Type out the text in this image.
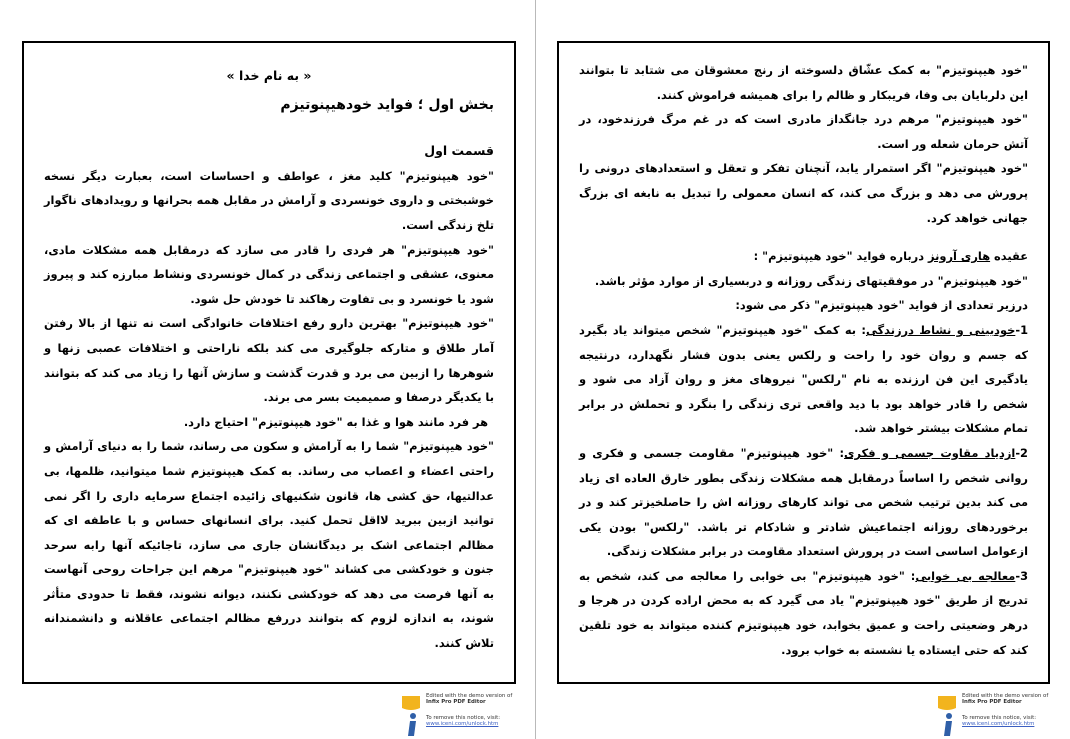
« به نام خدا »

بخش اول ؛ فواید خودهیپنوتیزم

قسمت اول

"خود هیپنوتیزم" کلید مغز ، عواطف و احساسات است، بعبارت دیگر نسخه خوشبختی و داروی خونسردی و آرامش در مقابل همه بحرانها و رویدادهای ناگوار تلخ زندگی است.

"خود هیپنوتیزم" هر فردی را قادر می سازد که درمقابل همه مشکلات مادی، معنوی، عشقی و اجتماعی زندگی در کمال خونسردی ونشاط مبارزه کند و پیروز شود یا خونسرد و بی تفاوت رهاکند تا خودش حل شود.

"خود هیپنوتیزم" بهترین دارو رفع اختلافات خانوادگی است نه تنها از بالا رفتن آمار طلاق و متارکه جلوگیری می کند بلکه ناراحتی و اختلافات عصبی زنها و شوهرها را ازبین می برد و قدرت گذشت و سازش آنها را زیاد می کند که بتوانند با یکدیگر درصفا و صمیمیت بسر می برند.

هر فرد مانند هوا و غذا به "خود هیپنوتیزم" احتیاج دارد.

"خود هیپنوتیزم" شما را به آرامش و سکون می رساند، شما را به دنیای آرامش و راحتی اعضاء و اعصاب می رساند. به کمک هیپنوتیزم شما میتوانید، ظلمها، بی عدالتیها، حق کشی ها، قانون شکنیهای زائیده اجتماع سرمایه داری را اگر نمی توانید ازبین ببرید لااقل تحمل کنید. برای انسانهای حساس و با عاطفه ای که مظالم اجتماعی اشک بر دیدگانشان جاری می سازد، تاجائیکه آنها رابه سرحد جنون و خودکشی می کشاند "خود هیپنوتیزم" مرهم این جراحات روحی آنهاست به آنها فرصت می دهد که خودکشی نکنند، دیوانه نشوند، فقط تا حدودی متأثر شوند، به اندازه لزوم که بتوانند دررفع مظالم اجتماعی عاقلانه و دانشمندانه تلاش کنند.

Edited with the demo version of
Infix Pro PDF Editor
To remove this notice, visit:
www.iceni.com/unlock.htm

"خود هیپنوتیزم" به کمک عشّاق دلسوخته از رنج معشوقان می شتابد تا بتوانند این دلربایان بی وفا، فریبکار و ظالم را برای همیشه فراموش کنند.

"خود هیپنوتیزم" مرهم درد جانگداز مادری است که در غم مرگ فرزندخود، در آتش حرمان شعله ور است.

"خود هیپنوتیزم" اگر استمرار یابد، آنچنان تفکر و تعقل و استعدادهای درونی را پرورش می دهد و بزرگ می کند، که انسان معمولی را تبدیل به نابغه ای بزرگ جهانی خواهد کرد.

عقیده هاری آرونز درباره فواید "خود هیپنوتیزم" :

"خود هیپنوتیزم" در موفقیتهای زندگی روزانه و دربسیاری از موارد مؤثر باشد.

درزیر تعدادی از فواید "خود هیپنوتیزم" ذکر می شود:

1-خودبینی و نشاط درزندگی: به کمک "خود هیپنوتیزم" شخص میتواند یاد بگیرد که جسم و روان خود را راحت و رلکس یعنی بدون فشار نگهدارد، درنتیجه یادگیری این فن ارزنده به نام "رلکس" نیروهای مغز و روان آزاد می شود و شخص را قادر خواهد بود با دید واقعی تری زندگی را بنگرد و تحملش در برابر تمام مشکلات بیشتر خواهد شد.

2-ازدیاد مقاوت جسمی و فکری: "خود هیپنوتیزم" مقاومت جسمی و فکری و روانی شخص را اساساً درمقابل همه مشکلات زندگی بطور خارق العاده ای زیاد می کند بدین ترتیب شخص می تواند کارهای روزانه اش را حاصلخیزتر کند و در برخوردهای روزانه اجتماعیش شادتر و شادکام تر باشد. "رلکس" بودن یکی ازعوامل اساسی است در پرورش استعداد مقاومت در برابر مشکلات زندگی.

3-معالجه بی خوابی: "خود هیپنوتیزم" بی خوابی را معالجه می کند، شخص به تدریج از طریق "خود هیپنوتیزم" یاد می گیرد که به محض اراده کردن در هرجا و درهر وضعیتی راحت و عمیق بخوابد، خود هیپنوتیزم کننده میتواند به خود تلقین کند که حتی ایستاده یا نشسته به خواب برود.

Edited with the demo version of
Infix Pro PDF Editor
To remove this notice, visit:
www.iceni.com/unlock.htm
